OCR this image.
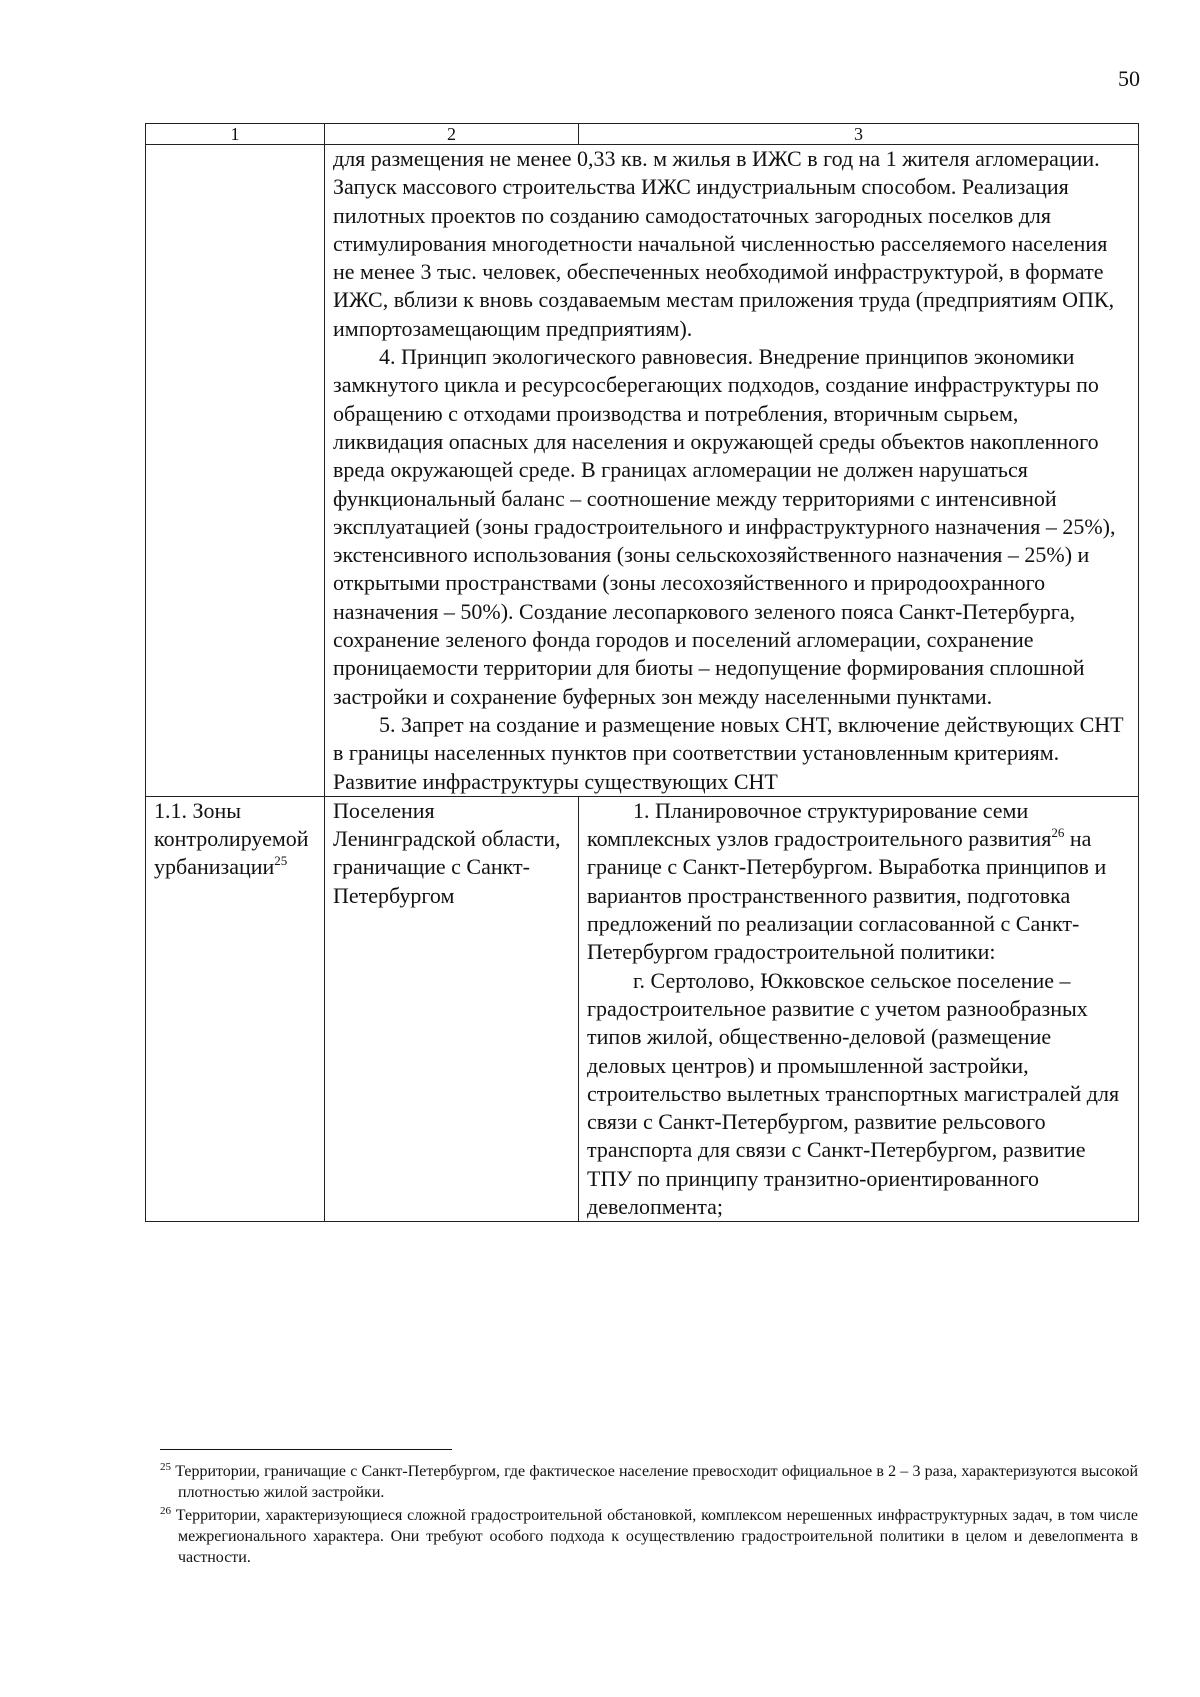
50
1	2	3

	для размещения не менее 0,33 кв. м жилья в ИЖС в год на 1 жителя агломерации. Запуск массового строительства ИЖС индустриальным способом. Реализация пилотных проектов по созданию самодостаточных загородных поселков для стимулирования многодетности начальной численностью расселяемого населения не менее 3 тыс. человек, обеспеченных необходимой инфраструктурой, в формате ИЖС, вблизи к вновь создаваемым местам приложения труда (предприятиям ОПК, импортозамещающим предприятиям).

4. Принцип экологического равновесия. Внедрение принципов экономики замкнутого цикла и ресурсосберегающих подходов, создание инфраструктуры по обращению с отходами производства и потребления, вторичным сырьем, ликвидация опасных для населения и окружающей среды объектов накопленного вреда окружающей среде. В границах агломерации не должен нарушаться функциональный баланс – соотношение между территориями с интенсивной эксплуатацией (зоны градостроительного и инфраструктурного назначения – 25%), экстенсивного использования (зоны сельскохозяйственного назначения – 25%) и открытыми пространствами (зоны лесохозяйственного и природоохранного назначения – 50%). Создание лесопаркового зеленого пояса Санкт-Петербурга, сохранение зеленого фонда городов и поселений агломерации, сохранение проницаемости территории для биоты – недопущение формирования сплошной застройки и сохранение буферных зон между населенными пунктами.

5. Запрет на создание и размещение новых СНТ, включение действующих СНТ в границы населенных пунктов при соответствии установленным критериям. Развитие инфраструктуры существующих СНТ	

1.1. Зоны контролируемой урбанизации$^{25}$	Поселения Ленинградской области, граничащие с Санкт-Петербургом	1. Планировочное структурирование семи комплексных узлов градостроительного развития$^{26}$ на границе с Санкт-Петербургом. Выработка принципов и вариантов пространственного развития, подготовка предложений по реализации согласованной с Санкт-Петербургом градостроительной политики:

г. Сертолово, Юкковское сельское поселение – градостроительное развитие с учетом разнообразных типов жилой, общественно-деловой (размещение деловых центров) и промышленной застройки, строительство вылетных транспортных магистралей для связи с Санкт-Петербургом, развитие рельсового транспорта для связи с Санкт-Петербургом, развитие ТПУ по принципу транзитно-ориентированного девелопмента;

$^{25}$ Территории, граничащие с Санкт-Петербургом, где фактическое население превосходит официальное в 2 – 3 раза, характеризуются высокой плотностью жилой застройки.

$^{26}$ Территории, характеризующиеся сложной градостроительной обстановкой, комплексом нерешенных инфраструктурных задач, в том числе межрегионального характера. Они требуют особого подхода к осуществлению градостроительной политики в целом и девелопмента в частности.
